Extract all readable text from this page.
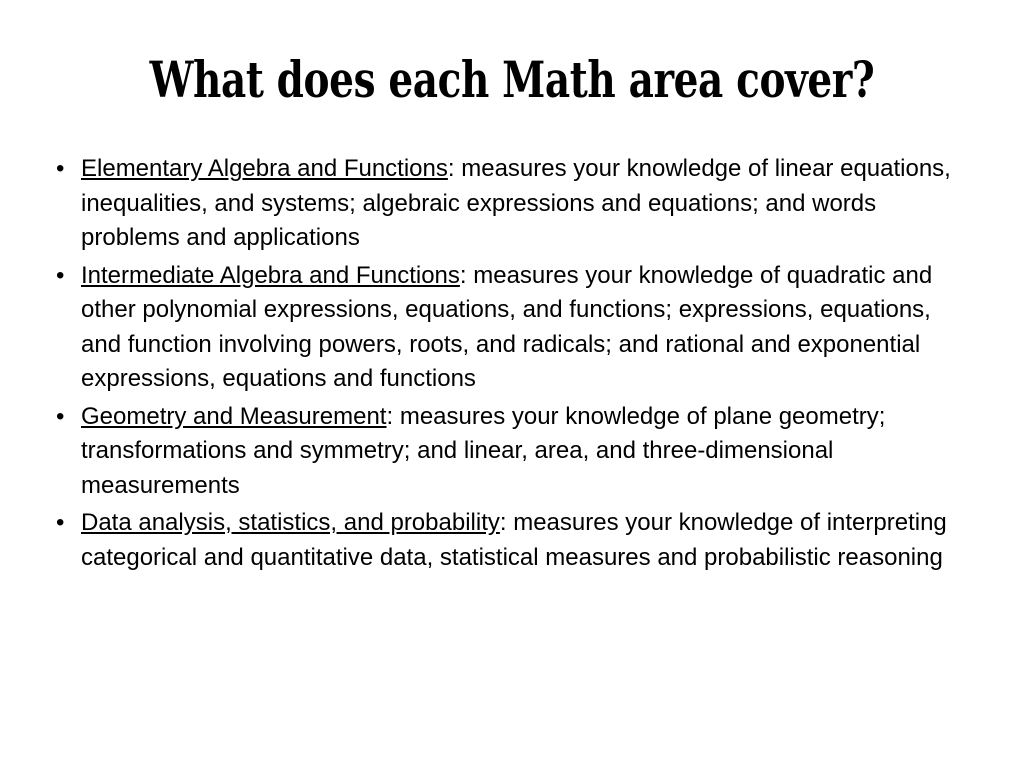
What does each Math area cover?
• Elementary Algebra and Functions: measures your knowledge of linear equations, inequalities, and systems; algebraic expressions and equations; and words problems and applications
• Intermediate Algebra and Functions: measures your knowledge of quadratic and other polynomial expressions, equations, and functions; expressions, equations, and function involving powers, roots, and radicals; and rational and exponential expressions, equations and functions
• Geometry and Measurement: measures your knowledge of plane geometry; transformations and symmetry; and linear, area, and three-dimensional measurements
• Data analysis, statistics, and probability: measures your knowledge of interpreting categorical and quantitative data, statistical measures and probabilistic reasoning
